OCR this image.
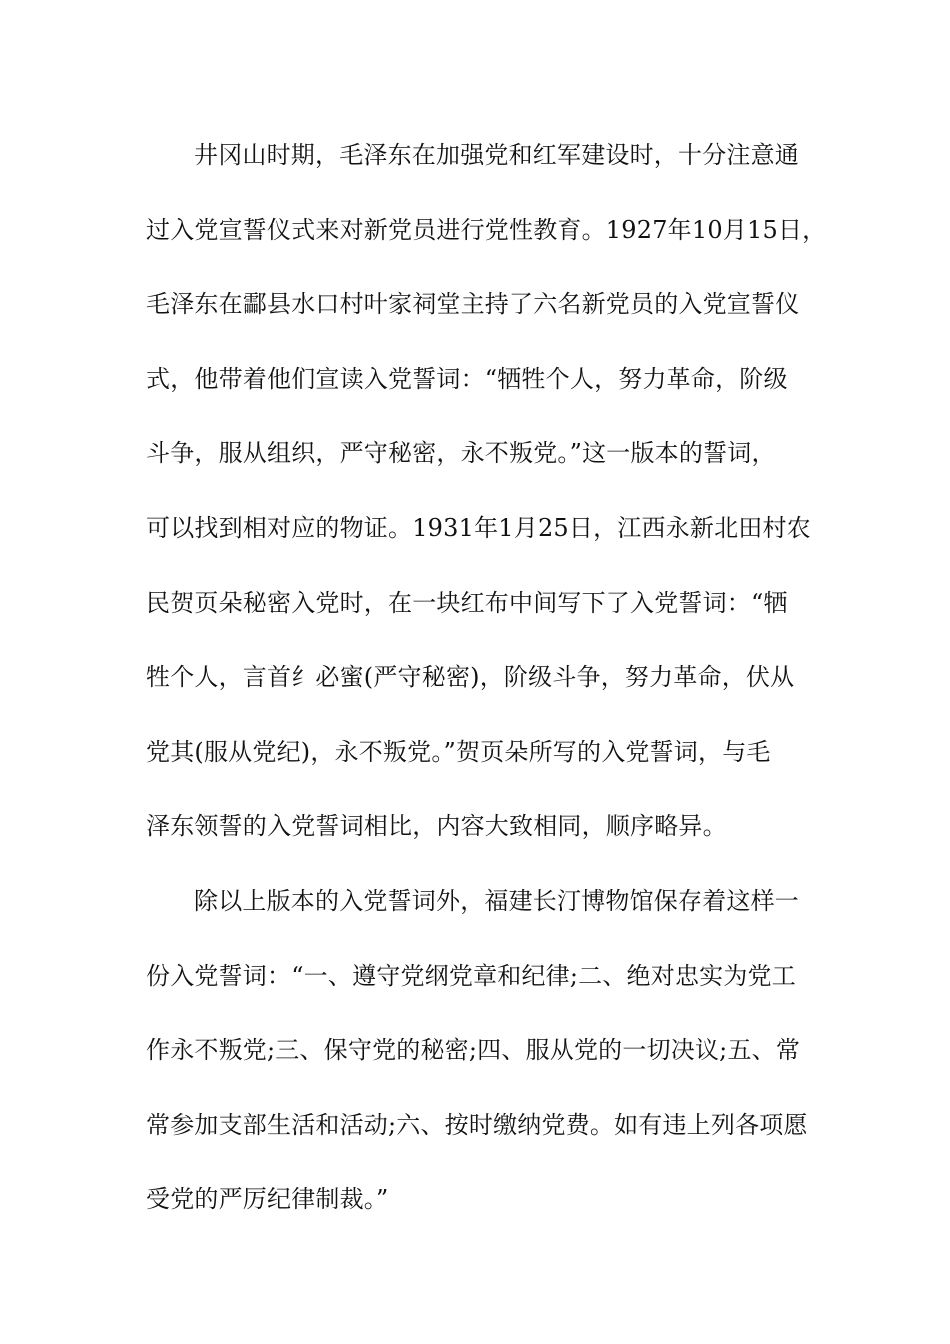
井冈山时期，毛泽东在加强党和红军建设时，十分注意通
过入党宣誓仪式来对新党员进行党性教育。1927年10月15日，
毛泽东在酃县水口村叶家祠堂主持了六名新党员的入党宣誓仪
式，他带着他们宣读入党誓词：“牺牲个人，努力革命，阶级
斗争，服从组织，严守秘密，永不叛党。”这一版本的誓词，
可以找到相对应的物证。1931年1月25日，江西永新北田村农
民贺页朵秘密入党时，在一块红布中间写下了入党誓词：“牺
牲个人，言首纟必蜜(严守秘密)，阶级斗争，努力革命，伏从
党其(服从党纪)，永不叛党。”贺页朵所写的入党誓词，与毛
泽东领誓的入党誓词相比，内容大致相同，顺序略异。
除以上版本的入党誓词外，福建长汀博物馆保存着这样一
份入党誓词：“一、遵守党纲党章和纪律;二、绝对忠实为党工
作永不叛党;三、保守党的秘密;四、服从党的一切决议;五、常
常参加支部生活和活动;六、按时缴纳党费。如有违上列各项愿
受党的严厉纪律制裁。”
